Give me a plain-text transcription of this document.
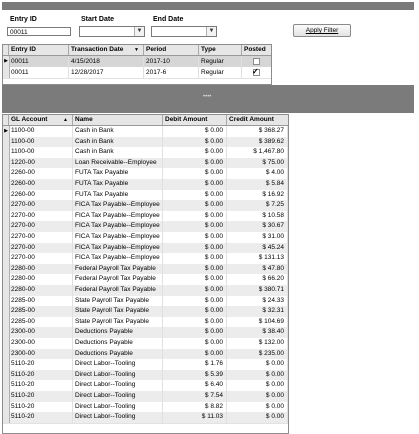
Entry ID
00011
Start Date
▼
End Date
▼	Apply Filter
Entry ID	Transaction Date ▼	Period	Type	Posted
▶ 00011	4/15/2018	2017-10	Regular
00011	12/28/2017	2017-6	Regular	✓
••••
GL Account	▲	Name	Debit Amount	Credit Amount
▶ 1100-00	Cash in Bank	$ 0.00	$ 368.27
1100-00	Cash in Bank	$ 0.00	$ 389.62
1100-00	Cash in Bank	$ 0.00	$ 1,467.80
1220-00	Loan Receivable--Employee	$ 0.00	$ 75.00
2260-00	FUTA Tax Payable	$ 0.00	$ 4.00
2260-00	FUTA Tax Payable	$ 0.00	$ 5.84
2260-00	FUTA Tax Payable	$ 0.00	$ 16.92
2270-00	FICA Tax Payable--Employee	$ 0.00	$ 7.25
2270-00	FICA Tax Payable--Employee	$ 0.00	$ 10.58
2270-00	FICA Tax Payable--Employee	$ 0.00	$ 30.67
2270-00	FICA Tax Payable--Employee	$ 0.00	$ 31.00
2270-00	FICA Tax Payable--Employee	$ 0.00	$ 45.24
2270-00	FICA Tax Payable--Employee	$ 0.00	$ 131.13
2280-00	Federal Payroll Tax Payable	$ 0.00	$ 47.80
2280-00	Federal Payroll Tax Payable	$ 0.00	$ 66.20
2280-00	Federal Payroll Tax Payable	$ 0.00	$ 380.71
2285-00	State Payroll Tax Payable	$ 0.00	$ 24.33
2285-00	State Payroll Tax Payable	$ 0.00	$ 32.31
2285-00	State Payroll Tax Payable	$ 0.00	$ 104.69
2300-00	Deductions Payable	$ 0.00	$ 38.40
2300-00	Deductions Payable	$ 0.00	$ 132.00
2300-00	Deductions Payable	$ 0.00	$ 235.00
5110-20	Direct Labor--Tooling	$ 1.76	$ 0.00
5110-20	Direct Labor--Tooling	$ 5.39	$ 0.00
5110-20	Direct Labor--Tooling	$ 6.40	$ 0.00
5110-20	Direct Labor--Tooling	$ 7.54	$ 0.00
5110-20	Direct Labor--Tooling	$ 8.82	$ 0.00
5110-20	Direct Labor--Tooling	$ 11.03	$ 0.00
